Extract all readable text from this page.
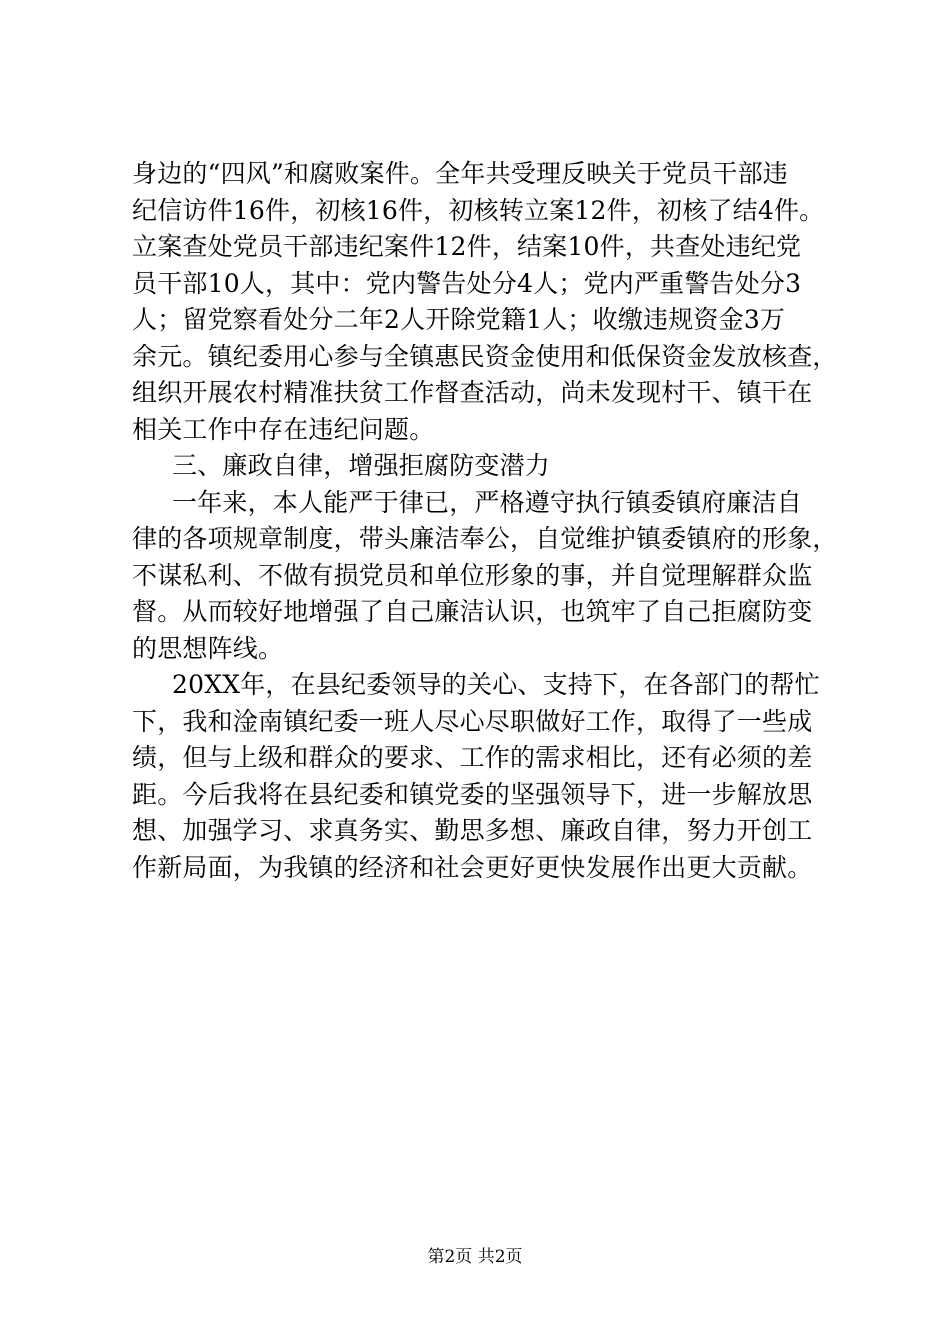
身边的“四风”和腐败案件。全年共受理反映关于党员干部违
纪信访件16件，初核16件，初核转立案12件，初核了结4件。
立案查处党员干部违纪案件12件，结案10件，共查处违纪党
员干部10人，其中：党内警告处分4人；党内严重警告处分3
人；留党察看处分二年2人开除党籍1人；收缴违规资金3万
余元。镇纪委用心参与全镇惠民资金使用和低保资金发放核查，
组织开展农村精准扶贫工作督查活动，尚未发现村干、镇干在
相关工作中存在违纪问题。
三、廉政自律，增强拒腐防变潜力
一年来，本人能严于律已，严格遵守执行镇委镇府廉洁自
律的各项规章制度，带头廉洁奉公，自觉维护镇委镇府的形象，
不谋私利、不做有损党员和单位形象的事，并自觉理解群众监
督。从而较好地增强了自己廉洁认识，也筑牢了自己拒腐防变
的思想阵线。
20XX年，在县纪委领导的关心、支持下，在各部门的帮忙
下，我和淦南镇纪委一班人尽心尽职做好工作，取得了一些成
绩，但与上级和群众的要求、工作的需求相比，还有必须的差
距。今后我将在县纪委和镇党委的坚强领导下，进一步解放思
想、加强学习、求真务实、勤思多想、廉政自律，努力开创工
作新局面，为我镇的经济和社会更好更快发展作出更大贡献。
第2页 共2页
